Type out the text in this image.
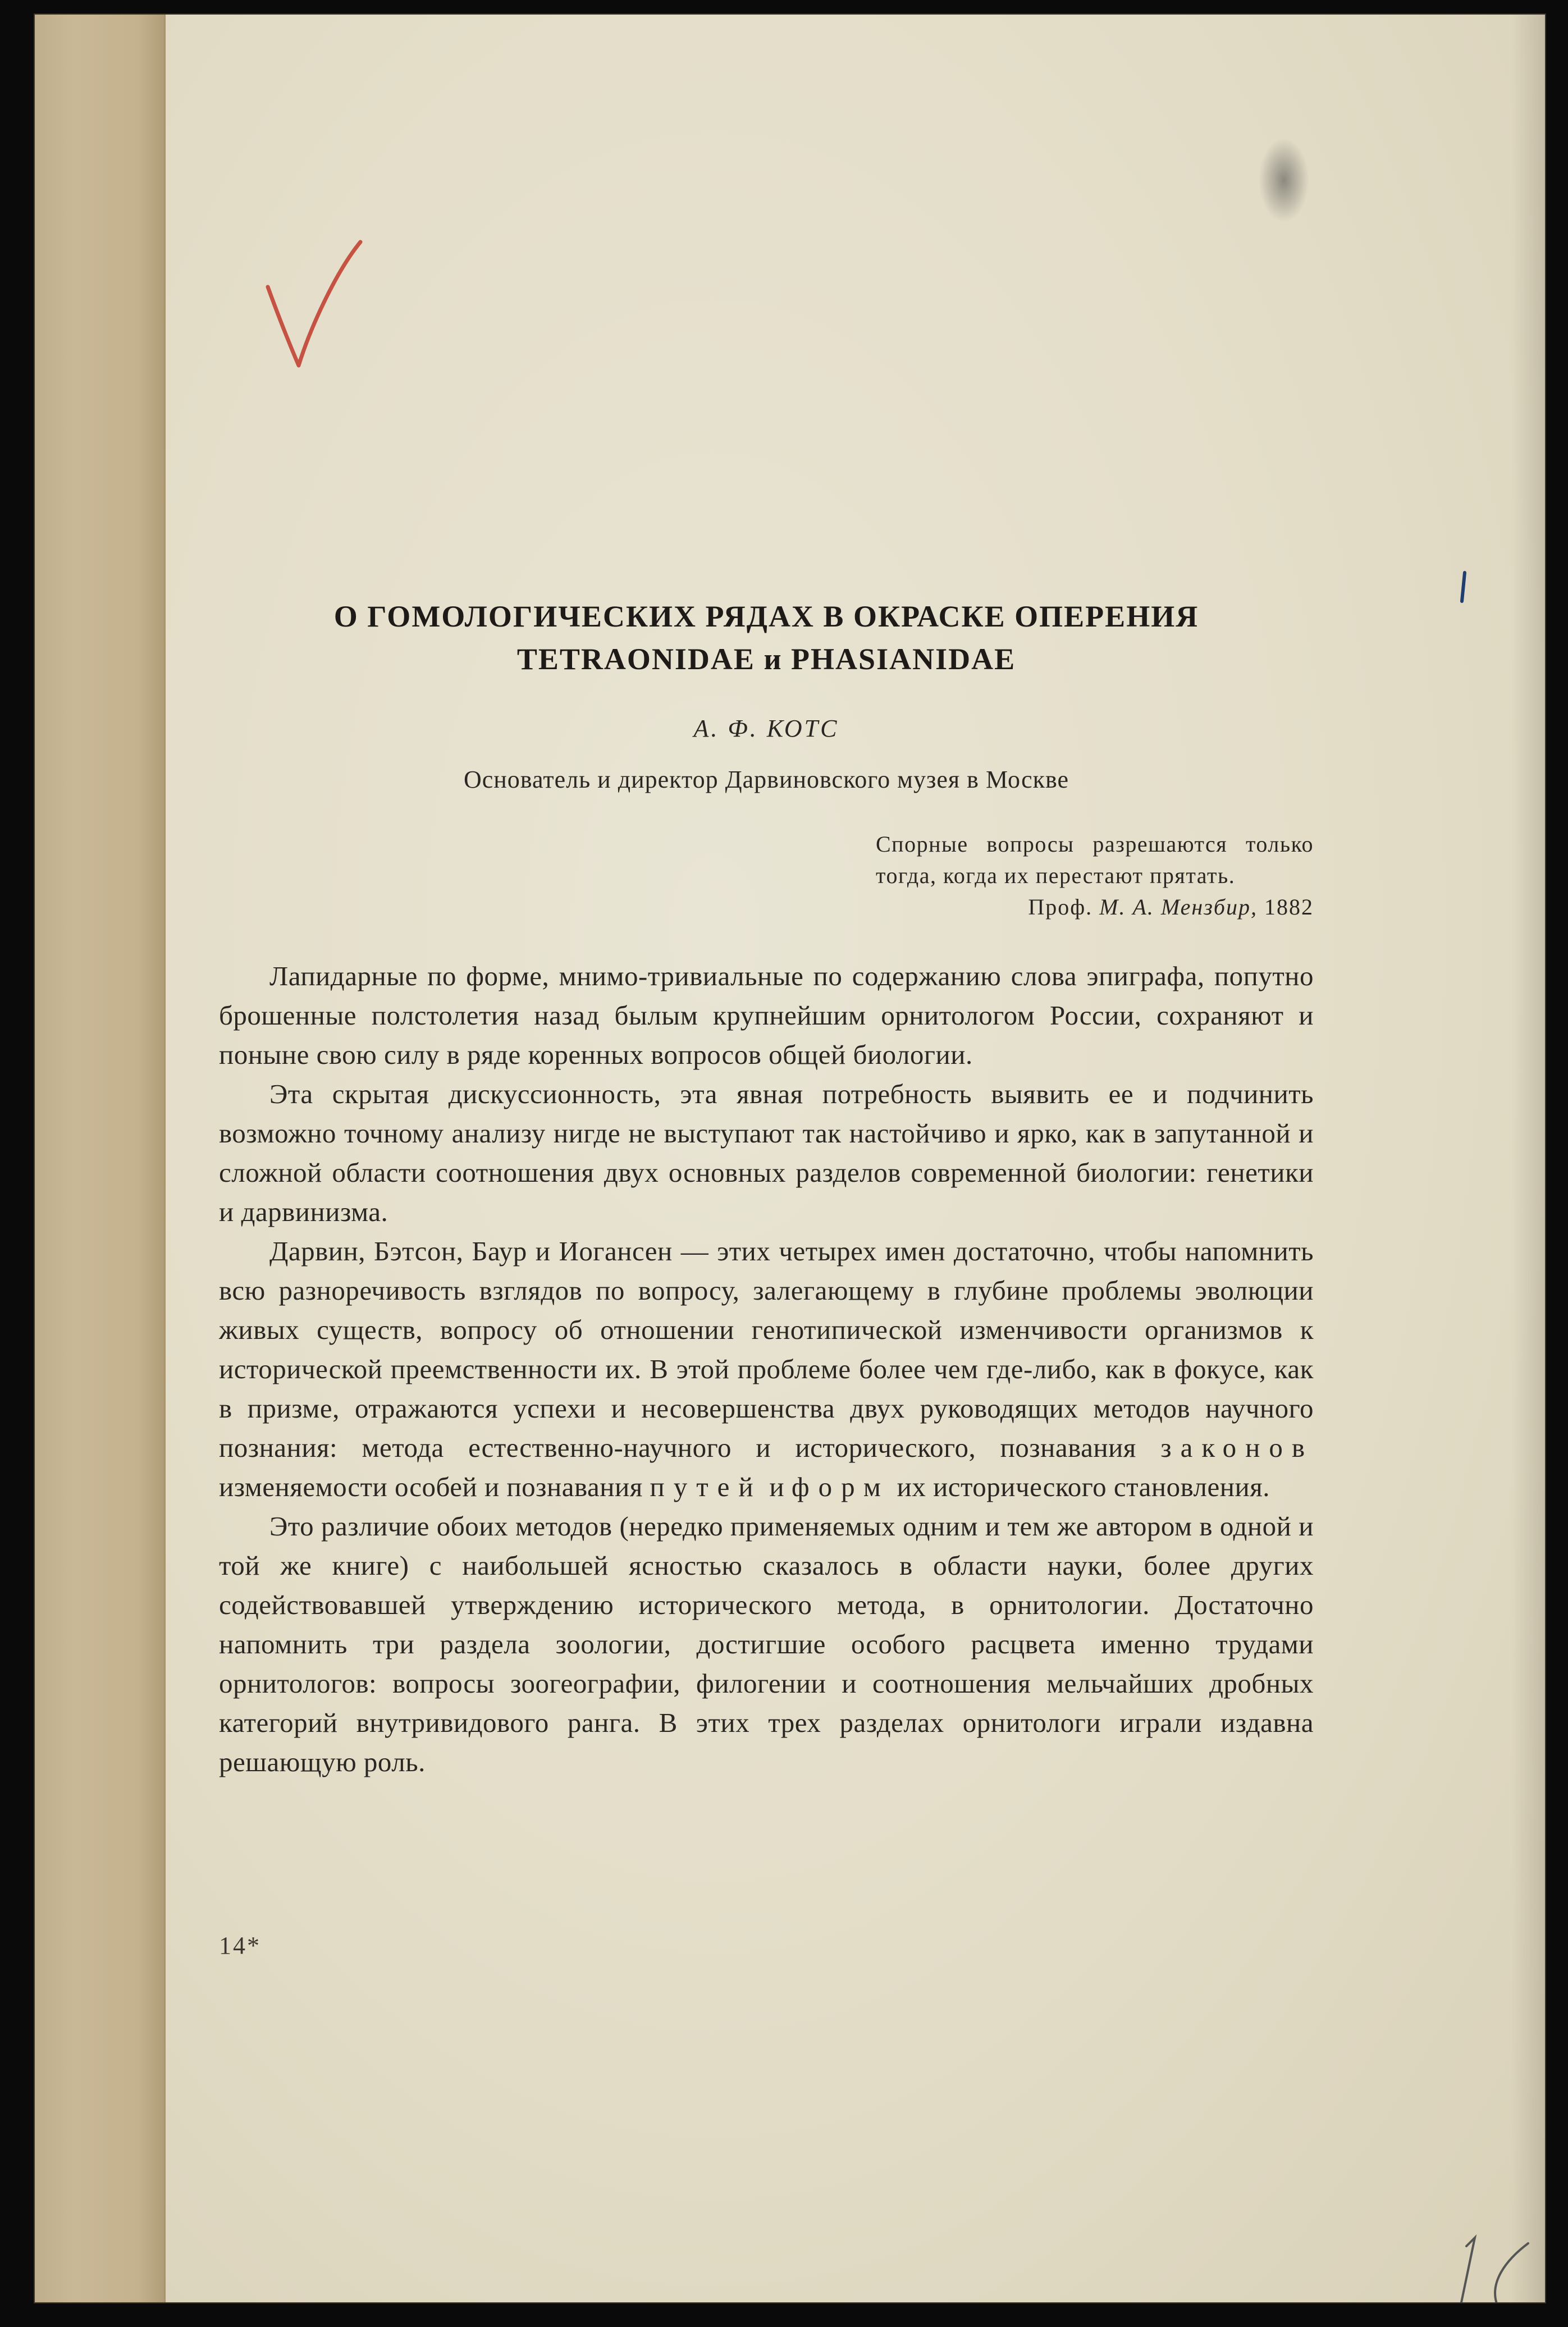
О ГОМОЛОГИЧЕСКИХ РЯДАХ В ОКРАСКЕ ОПЕРЕНИЯ
TETRAONIDAE и PHASIANIDAE

А. Ф. КОТС

Основатель и директор Дарвиновского музея в Москве

Спорные вопросы разрешаются только тогда, когда их перестают прятать.
Проф. М. А. Мензбир, 1882

Лапидарные по форме, мнимо-тривиальные по содержанию слова эпиграфа, попутно брошенные полстолетия назад былым крупнейшим орнитологом России, сохраняют и поныне свою силу в ряде коренных вопросов общей биологии.

Эта скрытая дискуссионность, эта явная потребность выявить ее и подчинить возможно точному анализу нигде не выступают так настойчиво и ярко, как в запутанной и сложной области соотношения двух основных разделов современной биологии: генетики и дарвинизма.

Дарвин, Бэтсон, Баур и Иогансен — этих четырех имен достаточно, чтобы напомнить всю разноречивость взглядов по вопросу, залегающему в глубине проблемы эволюции живых существ, вопросу об отношении генотипической изменчивости организмов к исторической преемственности их. В этой проблеме более чем где-либо, как в фокусе, как в призме, отражаются успехи и несовершенства двух руководящих методов научного познания: метода естественно-научного и исторического, познавания законов изменяемости особей и познавания путей и форм их исторического становления.

Это различие обоих методов (нередко применяемых одним и тем же автором в одной и той же книге) с наибольшей ясностью сказалось в области науки, более других содействовавшей утверждению исторического метода, в орнитологии. Достаточно напомнить три раздела зоологии, достигшие особого расцвета именно трудами орнитологов: вопросы зоогеографии, филогении и соотношения мельчайших дробных категорий внутривидового ранга. В этих трех разделах орнитологи играли издавна решающую роль.

14*
